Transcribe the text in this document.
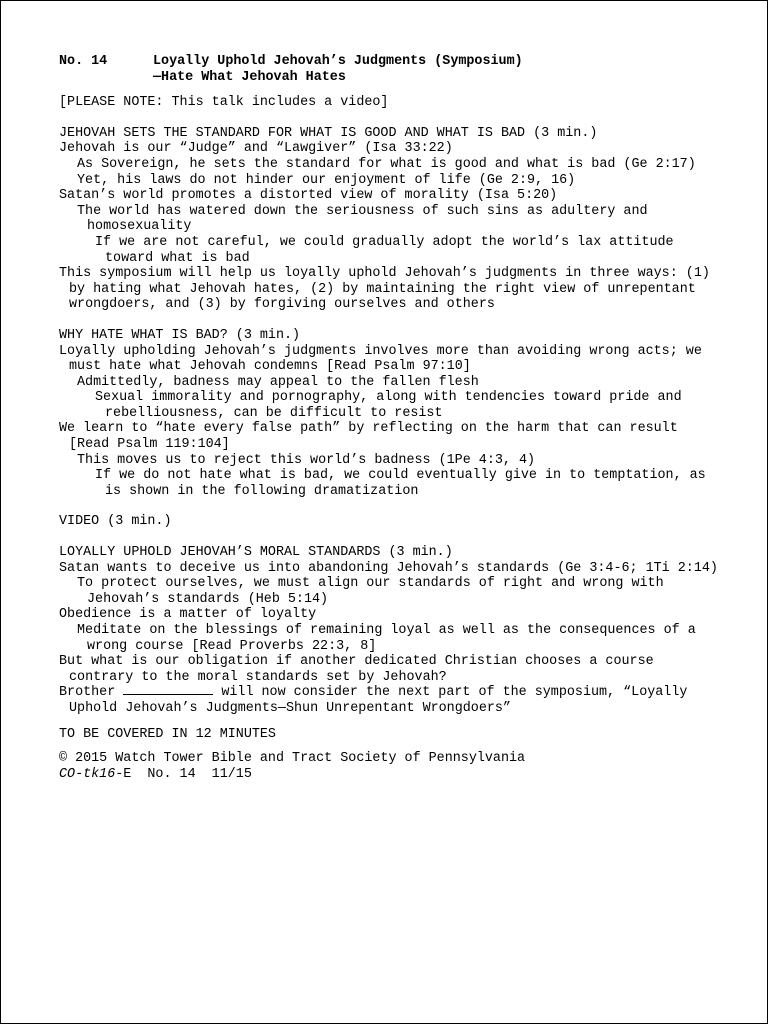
No. 14	Loyally Uphold Jehovah’s Judgments (Symposium)
—Hate What Jehovah Hates
[PLEASE NOTE: This talk includes a video]
JEHOVAH SETS THE STANDARD FOR WHAT IS GOOD AND WHAT IS BAD (3 min.)
Jehovah is our “Judge” and “Lawgiver” (Isa 33:22)
As Sovereign, he sets the standard for what is good and what is bad (Ge 2:17)
Yet, his laws do not hinder our enjoyment of life (Ge 2:9, 16)
Satan’s world promotes a distorted view of morality (Isa 5:20)
The world has watered down the seriousness of such sins as adultery and homosexuality
If we are not careful, we could gradually adopt the world’s lax attitude toward what is bad
This symposium will help us loyally uphold Jehovah’s judgments in three ways: (1) by hating what Jehovah hates, (2) by maintaining the right view of unrepentant wrongdoers, and (3) by forgiving ourselves and others
WHY HATE WHAT IS BAD? (3 min.)
Loyally upholding Jehovah’s judgments involves more than avoiding wrong acts; we must hate what Jehovah condemns [Read Psalm 97:10]
Admittedly, badness may appeal to the fallen flesh
Sexual immorality and pornography, along with tendencies toward pride and rebelliousness, can be difficult to resist
We learn to “hate every false path” by reflecting on the harm that can result [Read Psalm 119:104]
This moves us to reject this world’s badness (1Pe 4:3, 4)
If we do not hate what is bad, we could eventually give in to temptation, as is shown in the following dramatization
VIDEO (3 min.)
LOYALLY UPHOLD JEHOVAH’S MORAL STANDARDS (3 min.)
Satan wants to deceive us into abandoning Jehovah’s standards (Ge 3:4-6; 1Ti 2:14)
To protect ourselves, we must align our standards of right and wrong with Jehovah’s standards (Heb 5:14)
Obedience is a matter of loyalty
Meditate on the blessings of remaining loyal as well as the consequences of a wrong course [Read Proverbs 22:3, 8]
But what is our obligation if another dedicated Christian chooses a course contrary to the moral standards set by Jehovah?
Brother	will now consider the next part of the symposium, “Loyally Uphold Jehovah’s Judgments—Shun Unrepentant Wrongdoers”
TO BE COVERED IN 12 MINUTES
© 2015 Watch Tower Bible and Tract Society of Pennsylvania
CO-tk16-E  No. 14  11/15
